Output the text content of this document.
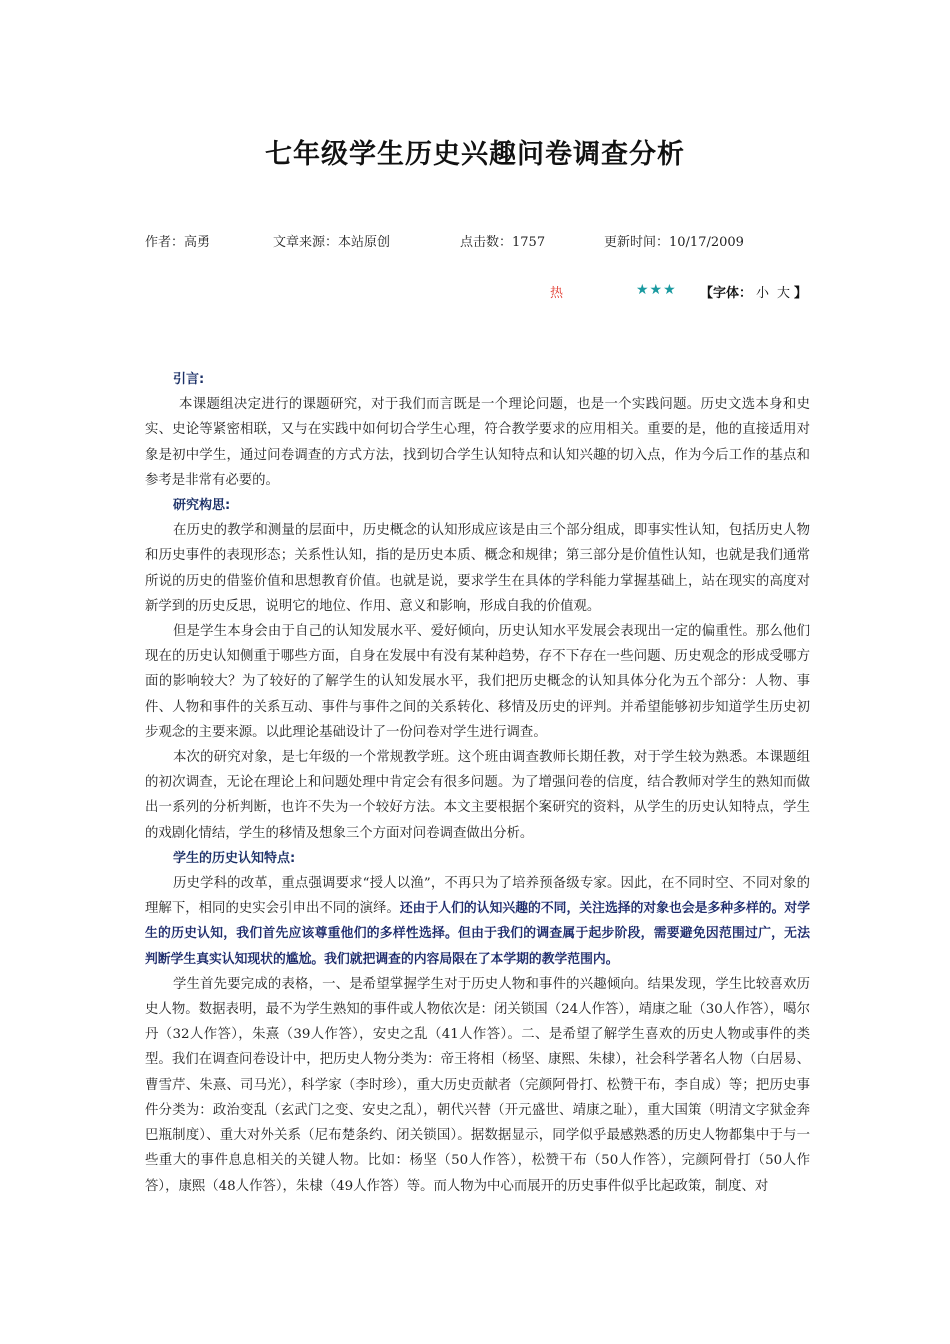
七年级学生历史兴趣问卷调查分析
作者：高勇	文章来源：本站原创	点击数：1757	更新时间：10/17/2009
热	★★★ 【字体： 小 大 】
引言:

本课题组决定进行的课题研究，对于我们而言既是一个理论问题，也是一个实践问题。历史文选本身和史实、史论等紧密相联，又与在实践中如何切合学生心理，符合教学要求的应用相关。重要的是，他的直接适用对象是初中学生，通过问卷调查的方式方法，找到切合学生认知特点和认知兴趣的切入点，作为今后工作的基点和参考是非常有必要的。

研究构思:

在历史的教学和测量的层面中，历史概念的认知形成应该是由三个部分组成，即事实性认知，包括历史人物和历史事件的表现形态；关系性认知，指的是历史本质、概念和规律；第三部分是价值性认知，也就是我们通常所说的历史的借鉴价值和思想教育价值。也就是说，要求学生在具体的学科能力掌握基础上，站在现实的高度对新学到的历史反思，说明它的地位、作用、意义和影响，形成自我的价值观。

但是学生本身会由于自己的认知发展水平、爱好倾向，历史认知水平发展会表现出一定的偏重性。那么他们现在的历史认知侧重于哪些方面，自身在发展中有没有某种趋势，存不下存在一些问题、历史观念的形成受哪方面的影响较大？为了较好的了解学生的认知发展水平，我们把历史概念的认知具体分化为五个部分：人物、事件、人物和事件的关系互动、事件与事件之间的关系转化、移情及历史的评判。并希望能够初步知道学生历史初步观念的主要来源。以此理论基础设计了一份问卷对学生进行调查。

本次的研究对象，是七年级的一个常规教学班。这个班由调查教师长期任教，对于学生较为熟悉。本课题组的初次调查，无论在理论上和问题处理中肯定会有很多问题。为了增强问卷的信度，结合教师对学生的熟知而做出一系列的分析判断，也许不失为一个较好方法。本文主要根据个案研究的资料，从学生的历史认知特点，学生的戏剧化情结，学生的移情及想象三个方面对问卷调查做出分析。

学生的历史认知特点:

历史学科的改革，重点强调要求“授人以渔”，不再只为了培养预备级专家。因此，在不同时空、不同对象的理解下，相同的史实会引申出不同的演绎。还由于人们的认知兴趣的不同，关注选择的对象也会是多种多样的。对学生的历史认知，我们首先应该尊重他们的多样性选择。但由于我们的调查属于起步阶段，需要避免因范围过广，无法判断学生真实认知现状的尴尬。我们就把调查的内容局限在了本学期的教学范围内。

学生首先要完成的表格，一、是希望掌握学生对于历史人物和事件的兴趣倾向。结果发现，学生比较喜欢历史人物。数据表明，最不为学生熟知的事件或人物依次是：闭关锁国（24人作答），靖康之耻（30人作答），噶尔丹（32人作答），朱熹（39人作答），安史之乱（41人作答）。二、是希望了解学生喜欢的历史人物或事件的类型。我们在调查问卷设计中，把历史人物分类为：帝王将相（杨坚、康熙、朱棣），社会科学著名人物（白居易、曹雪芹、朱熹、司马光），科学家（李时珍），重大历史贡献者（完颜阿骨打、松赞干布，李自成）等；把历史事件分类为：政治变乱（玄武门之变、安史之乱），朝代兴替（开元盛世、靖康之耻），重大国策（明清文字狱金奔巴瓶制度）、重大对外关系（尼布楚条约、闭关锁国）。据数据显示，同学似乎最感熟悉的历史人物都集中于与一些重大的事件息息相关的关键人物。比如：杨坚（50人作答），松赞干布（50人作答），完颜阿骨打（50人作答），康熙（48人作答），朱棣（49人作答）等。而人物为中心而展开的历史事件似乎比起政策，制度、对
